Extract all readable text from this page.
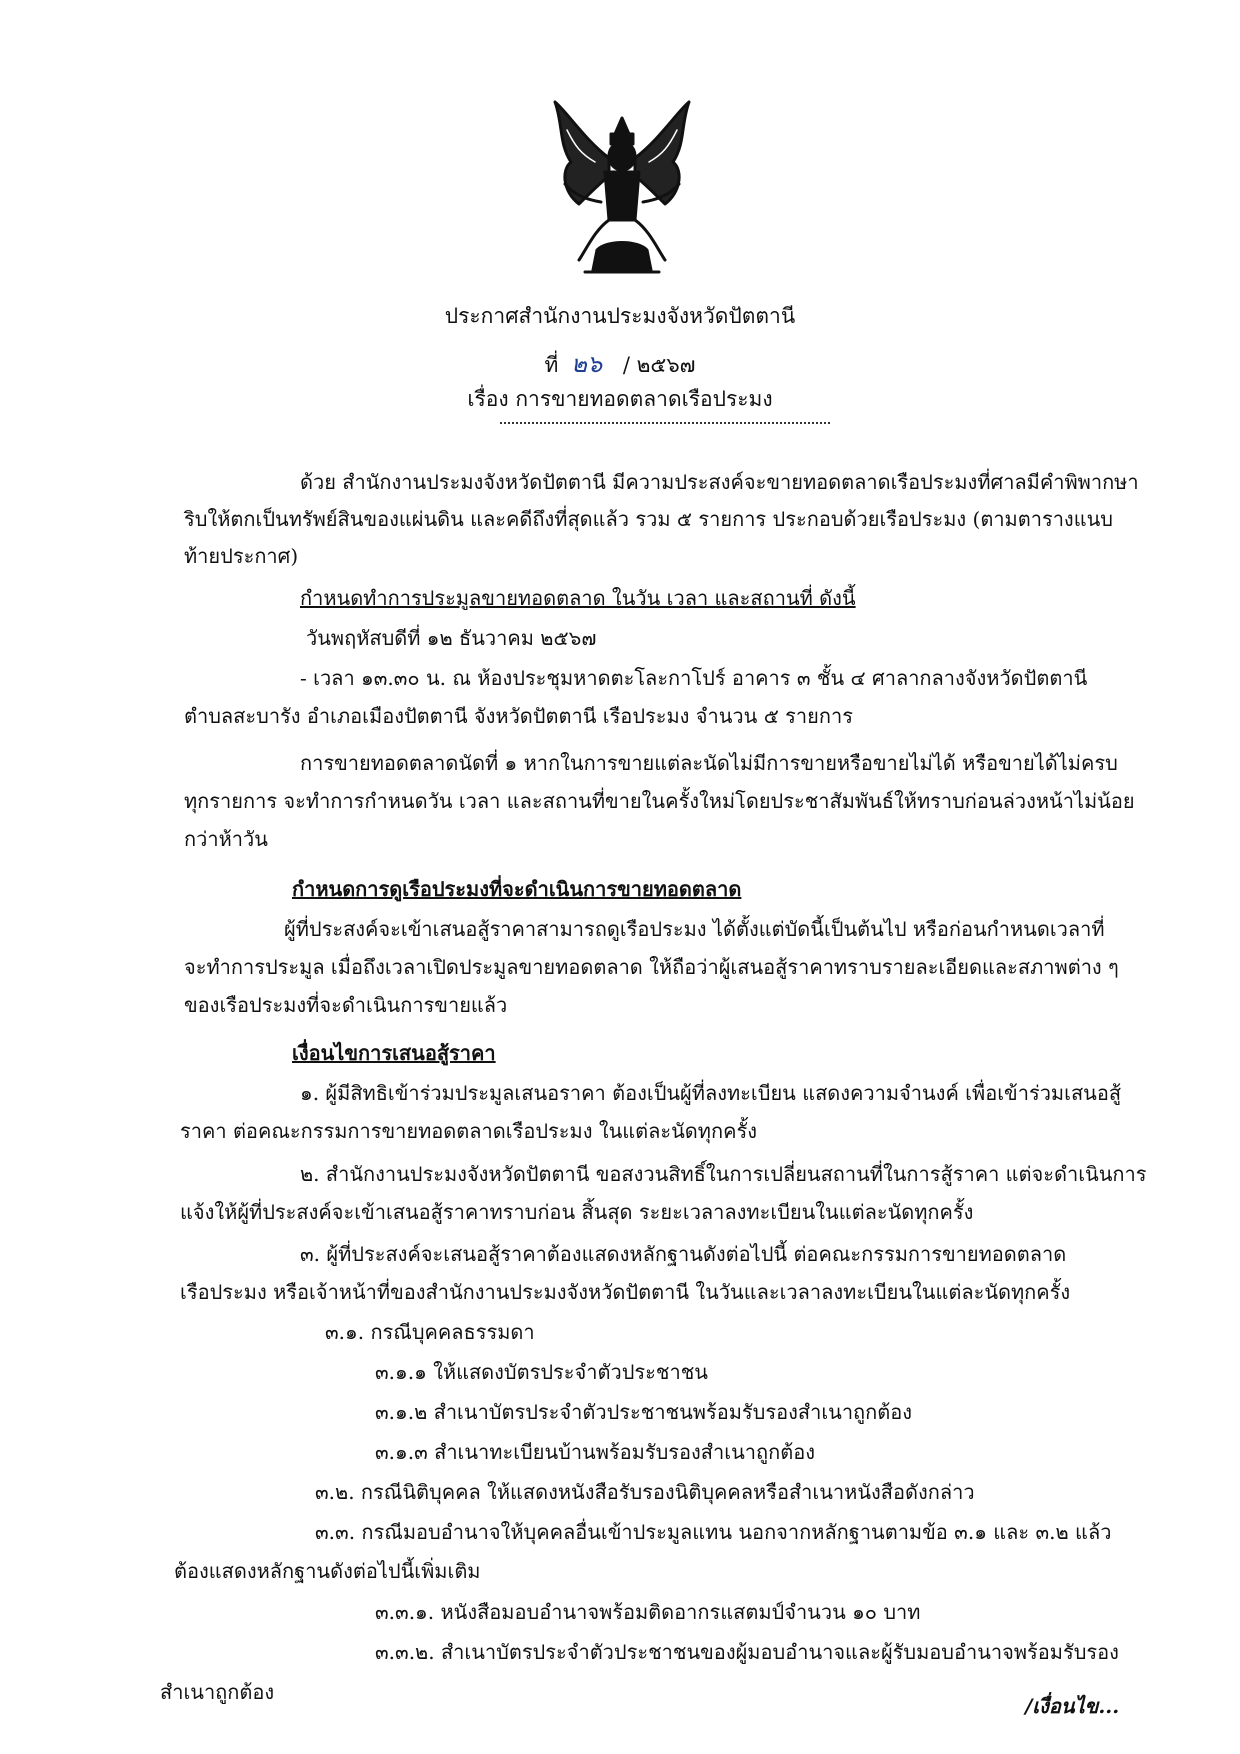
ประกาศสำนักงานประมงจังหวัดปัตตานี
ที่ ๒๖ / ๒๕๖๗
เรื่อง การขายทอดตลาดเรือประมง
ด้วย สำนักงานประมงจังหวัดปัตตานี มีความประสงค์จะขายทอดตลาดเรือประมงที่ศาลมีคำพิพากษา
ริบให้ตกเป็นทรัพย์สินของแผ่นดิน และคดีถึงที่สุดแล้ว รวม ๕ รายการ ประกอบด้วยเรือประมง (ตามตารางแนบ
ท้ายประกาศ)
กำหนดทำการประมูลขายทอดตลาด ในวัน เวลา และสถานที่ ดังนี้
วันพฤหัสบดีที่ ๑๒ ธันวาคม ๒๕๖๗
- เวลา ๑๓.๓๐ น. ณ ห้องประชุมหาดตะโละกาโปร์ อาคาร ๓ ชั้น ๔ ศาลากลางจังหวัดปัตตานี
ตำบลสะบารัง อำเภอเมืองปัตตานี จังหวัดปัตตานี เรือประมง จำนวน ๕ รายการ
การขายทอดตลาดนัดที่ ๑ หากในการขายแต่ละนัดไม่มีการขายหรือขายไม่ได้ หรือขายได้ไม่ครบ
ทุกรายการ จะทำการกำหนดวัน เวลา และสถานที่ขายในครั้งใหม่โดยประชาสัมพันธ์ให้ทราบก่อนล่วงหน้าไม่น้อย
กว่าห้าวัน
กำหนดการดูเรือประมงที่จะดำเนินการขายทอดตลาด
ผู้ที่ประสงค์จะเข้าเสนอสู้ราคาสามารถดูเรือประมง ได้ตั้งแต่บัดนี้เป็นต้นไป หรือก่อนกำหนดเวลาที่
จะทำการประมูล เมื่อถึงเวลาเปิดประมูลขายทอดตลาด ให้ถือว่าผู้เสนอสู้ราคาทราบรายละเอียดและสภาพต่าง ๆ
ของเรือประมงที่จะดำเนินการขายแล้ว
เงื่อนไขการเสนอสู้ราคา
๑. ผู้มีสิทธิเข้าร่วมประมูลเสนอราคา ต้องเป็นผู้ที่ลงทะเบียน แสดงความจำนงค์ เพื่อเข้าร่วมเสนอสู้
ราคา ต่อคณะกรรมการขายทอดตลาดเรือประมง ในแต่ละนัดทุกครั้ง
๒. สำนักงานประมงจังหวัดปัตตานี ขอสงวนสิทธิ์ในการเปลี่ยนสถานที่ในการสู้ราคา แต่จะดำเนินการ
แจ้งให้ผู้ที่ประสงค์จะเข้าเสนอสู้ราคาทราบก่อน สิ้นสุด ระยะเวลาลงทะเบียนในแต่ละนัดทุกครั้ง
๓. ผู้ที่ประสงค์จะเสนอสู้ราคาต้องแสดงหลักฐานดังต่อไปนี้ ต่อคณะกรรมการขายทอดตลาด
เรือประมง หรือเจ้าหน้าที่ของสำนักงานประมงจังหวัดปัตตานี ในวันและเวลาลงทะเบียนในแต่ละนัดทุกครั้ง
๓.๑. กรณีบุคคลธรรมดา
๓.๑.๑ ให้แสดงบัตรประจำตัวประชาชน
๓.๑.๒ สำเนาบัตรประจำตัวประชาชนพร้อมรับรองสำเนาถูกต้อง
๓.๑.๓ สำเนาทะเบียนบ้านพร้อมรับรองสำเนาถูกต้อง
๓.๒. กรณีนิติบุคคล ให้แสดงหนังสือรับรองนิติบุคคลหรือสำเนาหนังสือดังกล่าว
๓.๓. กรณีมอบอำนาจให้บุคคลอื่นเข้าประมูลแทน นอกจากหลักฐานตามข้อ ๓.๑ และ ๓.๒ แล้ว
ต้องแสดงหลักฐานดังต่อไปนี้เพิ่มเติม
๓.๓.๑. หนังสือมอบอำนาจพร้อมติดอากรแสตมป์จำนวน ๑๐ บาท
๓.๓.๒. สำเนาบัตรประจำตัวประชาชนของผู้มอบอำนาจและผู้รับมอบอำนาจพร้อมรับรอง
สำเนาถูกต้อง
/เงื่อนไข...
